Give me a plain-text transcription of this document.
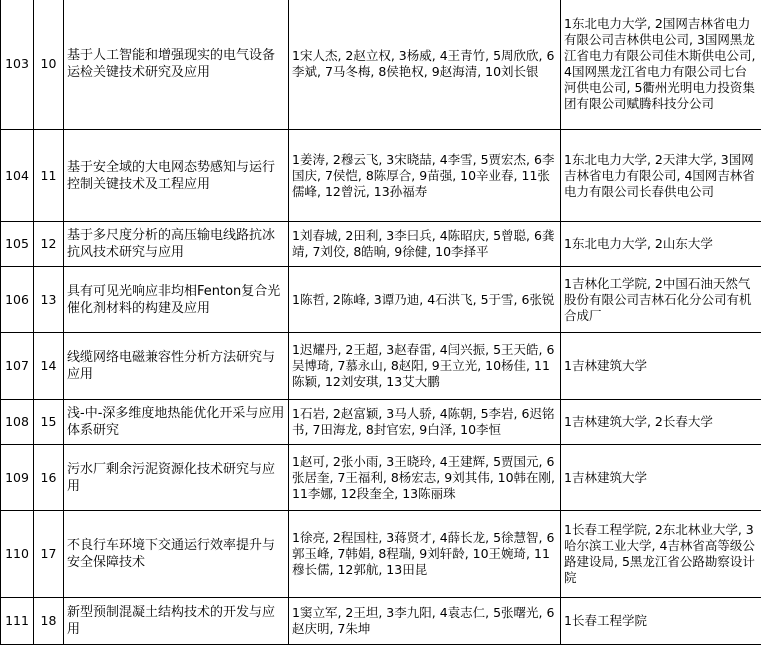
103	10	基于人工智能和增强现实的电气设备运检关键技术研究及应用	1宋人杰, 2赵立权, 3杨威, 4王青竹, 5周欣欣, 6李斌, 7马冬梅, 8侯艳权, 9赵海清, 10刘长银	1东北电力大学, 2国网吉林省电力有限公司吉林供电公司, 3国网黑龙江省电力有限公司佳木斯供电公司, 4国网黑龙江省电力有限公司七台河供电公司, 5衢州光明电力投资集团有限公司赋腾科技分公司
104	11	基于安全域的大电网态势感知与运行控制关键技术及工程应用	1姜涛, 2穆云飞, 3宋晓喆, 4李雪, 5贾宏杰, 6李国庆, 7侯恺, 8陈厚合, 9苗强, 10辛业春, 11张儒峰, 12曾沅, 13孙福寿	1东北电力大学, 2天津大学, 3国网吉林省电力有限公司, 4国网吉林省电力有限公司长春供电公司
105	12	基于多尺度分析的高压输电线路抗冰抗风技术研究与应用	1刘春城, 2田利, 3李曰兵, 4陈昭庆, 5曾聪, 6龚靖, 7刘佼, 8皓晌, 9徐健, 10李择平	1东北电力大学, 2山东大学
106	13	具有可见光响应非均相Fenton复合光催化剂材料的构建及应用	1陈哲, 2陈峰, 3谭乃迪, 4石洪飞, 5于雪, 6张锐	1吉林化工学院, 2中国石油天然气股份有限公司吉林石化分公司有机合成厂
107	14	线缆网络电磁兼容性分析方法研究与应用	1迟耀丹, 2王超, 3赵春雷, 4闫兴振, 5王天皓, 6吴博琦, 7慕永山, 8赵阳, 9王立光, 10杨佳, 11陈颖, 12刘安琪, 13艾大鹏	1吉林建筑大学
108	15	浅-中-深多维度地热能优化开采与应用体系研究	1石岩, 2赵富颖, 3马人骄, 4陈朝, 5李岩, 6迟铭书, 7田海龙, 8封官宏, 9白泽, 10李恒	1吉林建筑大学, 2长春大学
109	16	污水厂剩余污泥资源化技术研究与应用	1赵可, 2张小雨, 3王晓玲, 4王建辉, 5贾国元, 6张居奎, 7王福利, 8杨宏志, 9刘其伟, 10韩在刚, 11李娜, 12段奎全, 13陈丽珠	1吉林建筑大学
110	17	不良行车环境下交通运行效率提升与安全保障技术	1徐亮, 2程国柱, 3蒋贤才, 4薛长龙, 5徐慧智, 6郭玉峰, 7韩娟, 8程瑞, 9刘轩龄, 10王婉琦, 11穆长儒, 12郭航, 13田昆	1长春工程学院, 2东北林业大学, 3哈尔滨工业大学, 4吉林省高等级公路建设局, 5黑龙江省公路勘察设计院
111	18	新型预制混凝土结构技术的开发与应用	1窦立军, 2王坦, 3李九阳, 4袁志仁, 5张曙光, 6赵庆明, 7朱坤	1长春工程学院
